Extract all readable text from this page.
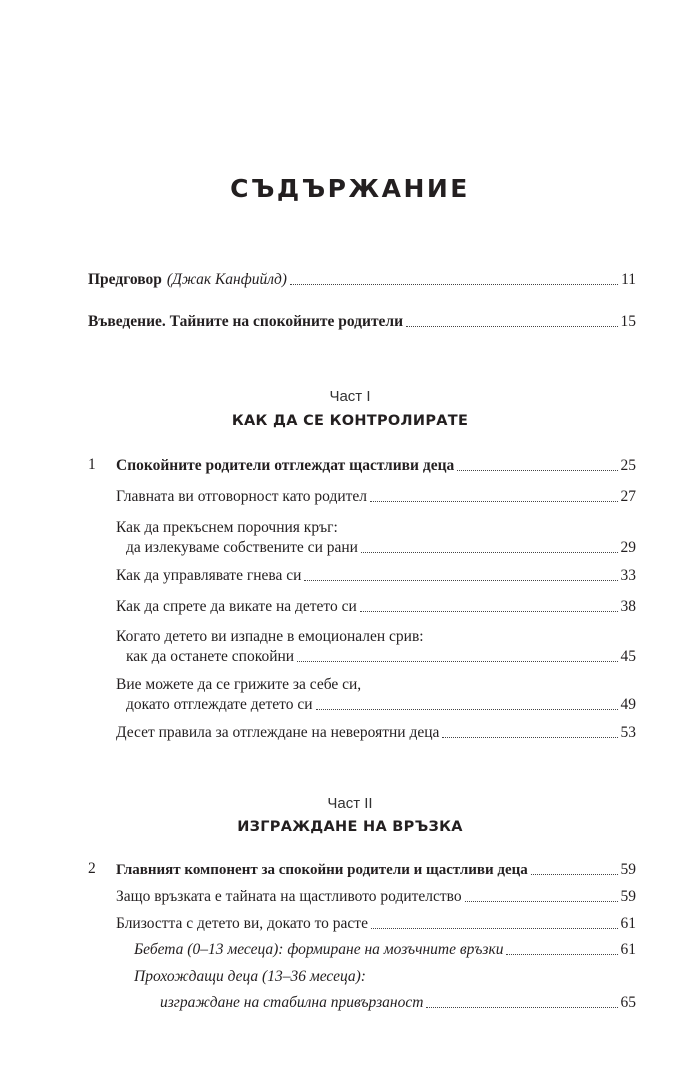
СЪДЪРЖАНИЕ
Предговор (Джак Канфийлд)	11
Въведение. Тайните на спокойните родители	15
Част I
КАК ДА СЕ КОНТРОЛИРАТЕ
1 Спокойните родители отглеждат щастливи деца	25
Главната ви отговорност като родител	27
Как да прекъснем порочния кръг:
да излекуваме собствените си рани	29
Как да управлявате гнева си	33
Как да спрете да викате на детето си	38
Когато детето ви изпадне в емоционален срив:
как да останете спокойни	45
Вие можете да се грижите за себе си,
докато отглеждате детето си	49
Десет правила за отглеждане на невероятни деца	53
Част II
ИЗГРАЖДАНЕ НА ВРЪЗКА
2 Главният компонент за спокойни родители и щастливи деца	59
Защо връзката е тайната на щастливото родителство	59
Близостта с детето ви, докато то расте	61
Бебета (0–13 месеца): формиране на мозъчните връзки	61
Прохождащи деца (13–36 месеца):
изграждане на стабилна привързаност	65
